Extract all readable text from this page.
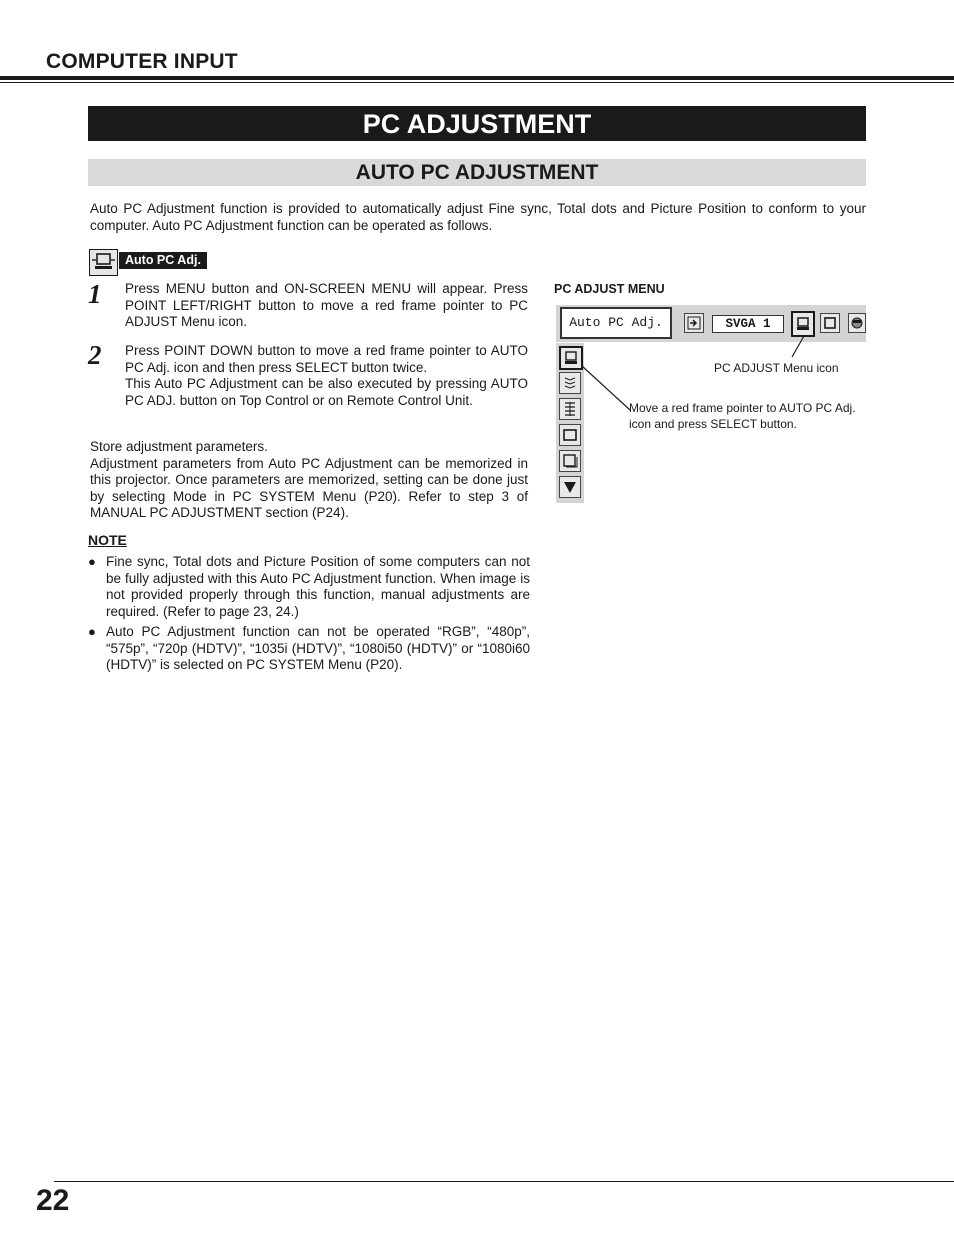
COMPUTER INPUT
PC ADJUSTMENT
AUTO PC ADJUSTMENT

Auto PC Adjustment function is provided to automatically adjust Fine sync, Total dots and Picture Position to conform to your computer. Auto PC Adjustment function can be operated as follows.

Auto PC Adj.
1 Press MENU button and ON-SCREEN MENU will appear. Press POINT LEFT/RIGHT button to move a red frame pointer to PC ADJUST Menu icon.

2 Press POINT DOWN button to move a red frame pointer to AUTO PC Adj. icon and then press SELECT button twice.

This Auto PC Adjustment can be also executed by pressing AUTO PC ADJ. button on Top Control or on Remote Control Unit.

Store adjustment parameters.

Adjustment parameters from Auto PC Adjustment can be memorized in this projector. Once parameters are memorized, setting can be done just by selecting Mode in PC SYSTEM Menu (P20). Refer to step 3 of MANUAL PC ADJUSTMENT section (P24).

NOTE
● Fine sync, Total dots and Picture Position of some computers can not be fully adjusted with this Auto PC Adjustment function. When image is not provided properly through this function, manual adjustments are required. (Refer to page 23, 24.)

● Auto PC Adjustment function can not be operated “RGB”, “480p”, “575p”, “720p (HDTV)”, “1035i (HDTV)”, “1080i50 (HDTV)” or “1080i60 (HDTV)” is selected on PC SYSTEM Menu (P20).

PC ADJUST MENU
Auto PC Adj.	SVGA 1
PC ADJUST Menu icon
Move a red frame pointer to AUTO PC Adj. icon and press SELECT button.
22
